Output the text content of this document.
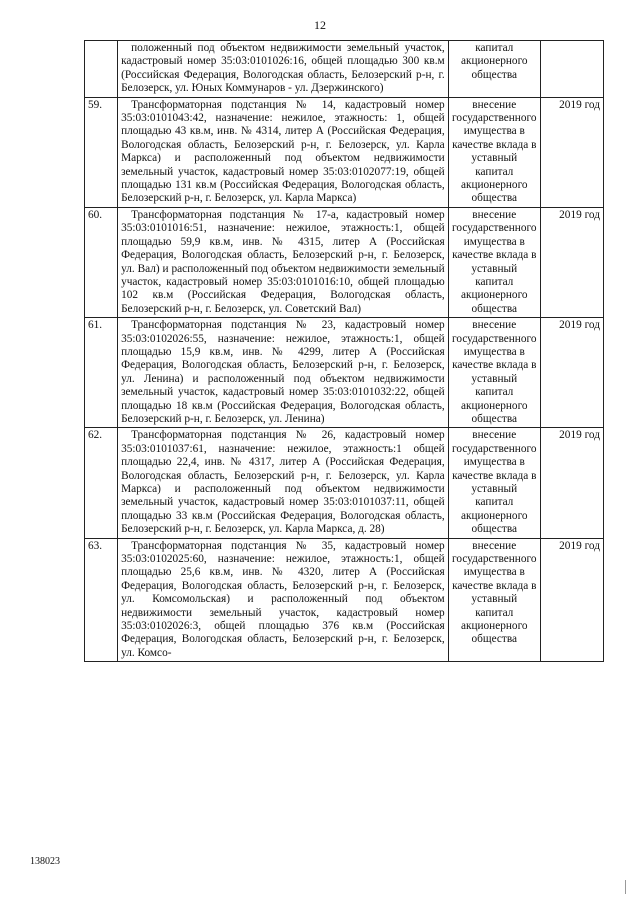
12
	положенный под объектом недвижимости земельный участок, кадастровый номер 35:03:0101026:16, общей площадью 300 кв.м (Российская Федерация, Вологодская область, Белозерский р-н, г. Белозерск, ул. Юных Коммунаров - ул. Дзержинского)	капитал акционерного общества	
59.	Трансформаторная подстанция № 14, кадастровый номер 35:03:0101043:42, назначение: нежилое, этажность: 1, общей площадью 43 кв.м, инв. № 4314, литер А (Российская Федерация, Вологодская область, Белозерский р-н, г. Белозерск, ул. Карла Маркса) и расположенный под объектом недвижимости земельный участок, кадастровый номер 35:03:0102077:19, общей площадью 131 кв.м (Российская Федерация, Вологодская область, Белозерский р-н, г. Белозерск, ул. Карла Маркса)	внесение государственного имущества в качестве вклада в уставный капитал акционерного общества	2019 год
60.	Трансформаторная подстанция № 17-а, кадастровый номер 35:03:0101016:51, назначение: нежилое, этажность:1, общей площадью 59,9 кв.м, инв. № 4315, литер А (Российская Федерация, Вологодская область, Белозерский р-н, г. Белозерск, ул. Вал) и расположенный под объектом недвижимости земельный участок, кадастровый номер 35:03:0101016:10, общей площадью 102 кв.м (Российская Федерация, Вологодская область, Белозерский р-н, г. Белозерск, ул. Советский Вал)	внесение государственного имущества в качестве вклада в уставный капитал акционерного общества	2019 год
61.	Трансформаторная подстанция № 23, кадастровый номер 35:03:0102026:55, назначение: нежилое, этажность:1, общей площадью 15,9 кв.м, инв. № 4299, литер А (Российская Федерация, Вологодская область, Белозерский р-н, г. Белозерск, ул. Ленина) и расположенный под объектом недвижимости земельный участок, кадастровый номер 35:03:0101032:22, общей площадью 18 кв.м (Российская Федерация, Вологодская область, Белозерский р-н, г. Белозерск, ул. Ленина)	внесение государственного имущества в качестве вклада в уставный капитал акционерного общества	2019 год
62.	Трансформаторная подстанция № 26, кадастровый номер 35:03:0101037:61, назначение: нежилое, этажность:1 общей площадью 22,4, инв. № 4317, литер А (Российская Федерация, Вологодская область, Белозерский р-н, г. Белозерск, ул. Карла Маркса) и расположенный под объектом недвижимости земельный участок, кадастровый номер 35:03:0101037:11, общей площадью 33 кв.м (Российская Федерация, Вологодская область, Белозерский р-н, г. Белозерск, ул. Карла Маркса, д. 28)	внесение государственного имущества в качестве вклада в уставный капитал акционерного общества	2019 год
63.	Трансформаторная подстанция № 35, кадастровый номер 35:03:0102025:60, назначение: нежилое, этажность:1, общей площадью 25,6 кв.м, инв. № 4320, литер А (Российская Федерация, Вологодская область, Белозерский р-н, г. Белозерск, ул. Комсомольская) и расположенный под объектом недвижимости земельный участок, кадастровый номер 35:03:0102026:3, общей площадью 376 кв.м (Российская Федерация, Вологодская область, Белозерский р-н, г. Белозерск, ул. Комсо-	внесение государственного имущества в качестве вклада в уставный капитал акционерного общества	2019 год
138023
